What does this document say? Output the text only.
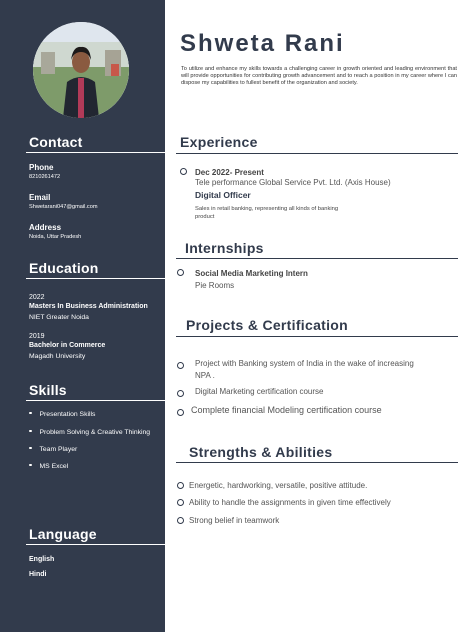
Contact
Phone
8210261472
Email
Shwetarani047@gmail.com
Address
Noida, Uttar Pradesh
Education
2022
Masters In Business Administration
NIET Greater Noida
2019
Bachelor in Commerce
Magadh University
Skills
Presentation Skills
Problem Solving & Creative Thinking
Team Player
MS Excel
Language
English
Hindi
Shweta Rani
To utilize and enhance my skills towards a challenging career in growth oriented and leading environment that will provide opportunities for contributing growth advancement and to reach a position in my career where I can dispose my capabilities to fullest benefit of the organization and society.
Experience
Dec 2022- Present
Tele performance Global Service Pvt. Ltd. (Axis House)
Digital Officer
Sales in retail banking, representing all kinds of banking
product
Internships
Social Media Marketing Intern
Pie Rooms
Projects & Certification
Project with Banking system of India in the wake of increasing
NPA .
Digital Marketing certification course
Complete financial Modeling certification course
Strengths & Abilities
Energetic, hardworking, versatile, positive attitude.
Ability to handle the assignments in given time effectively
Strong belief in teamwork
